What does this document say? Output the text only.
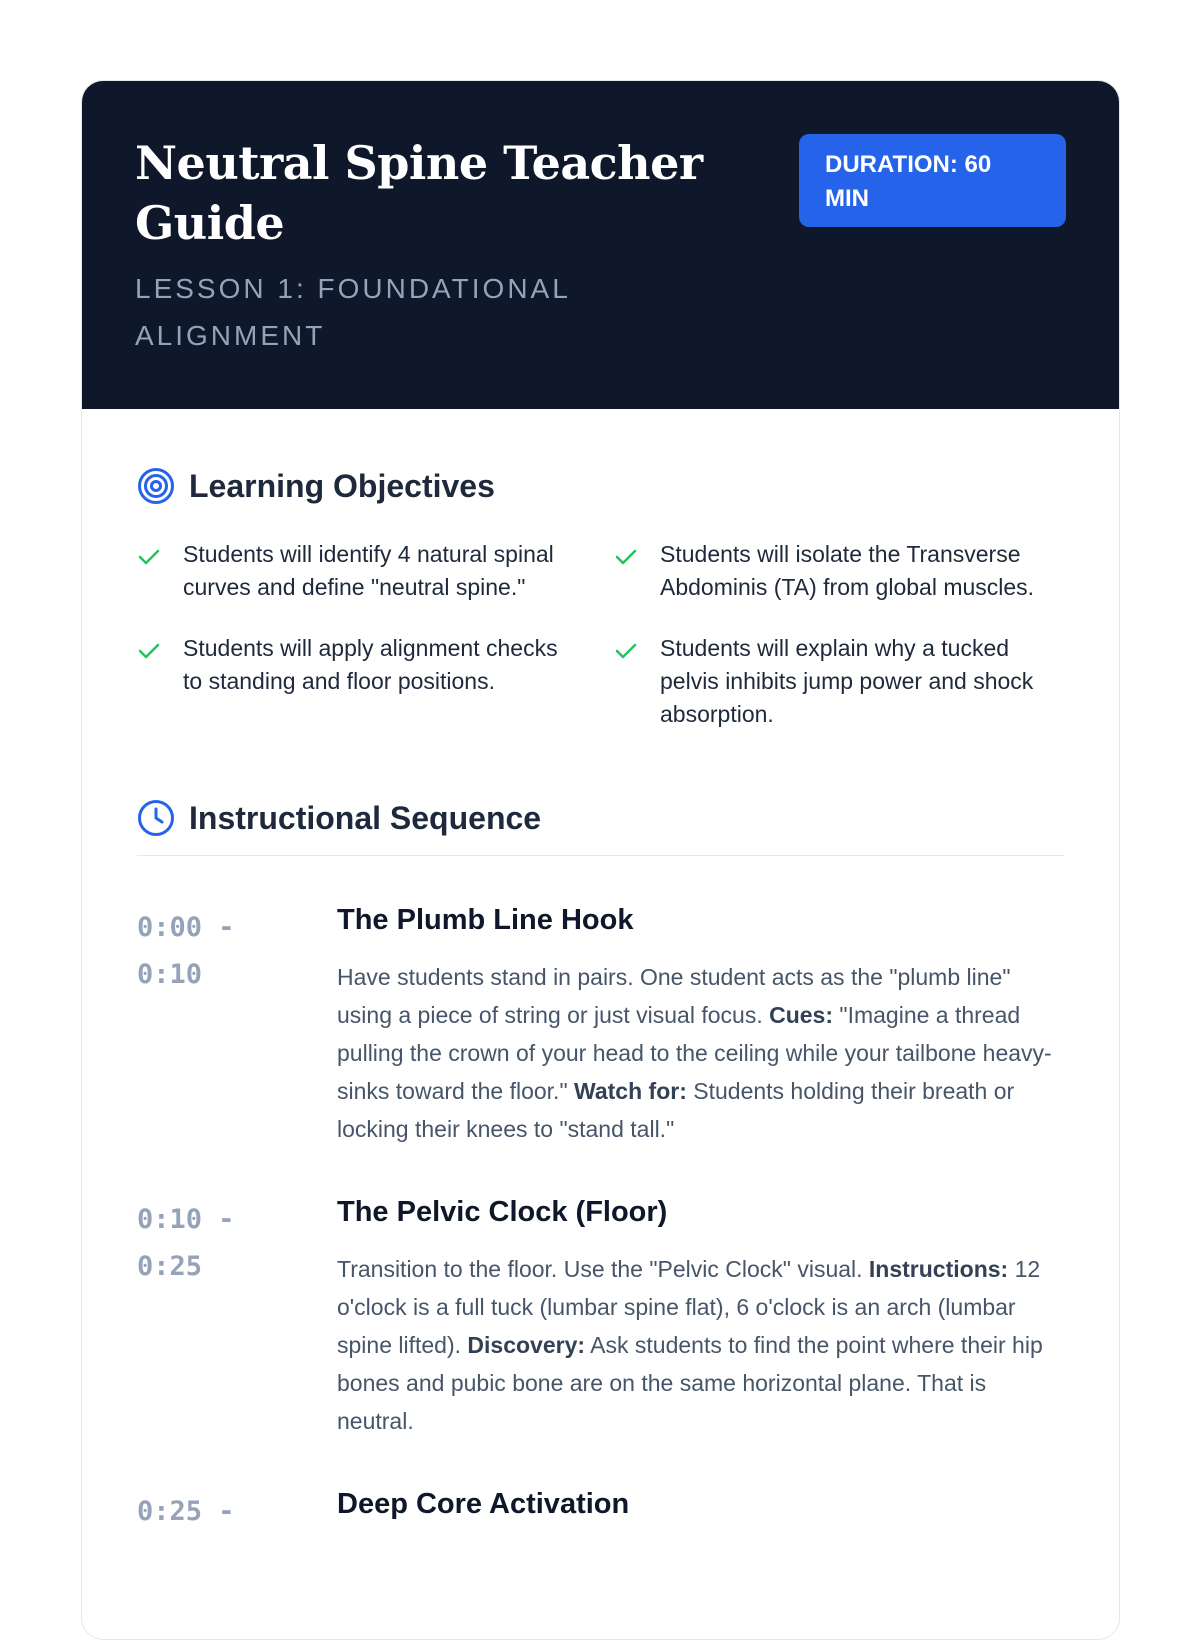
Neutral Spine Teacher Guide
LESSON 1: FOUNDATIONAL ALIGNMENT
DURATION: 60 MIN
Learning Objectives
Students will identify 4 natural spinal curves and define "neutral spine."
Students will isolate the Transverse Abdominis (TA) from global muscles.
Students will apply alignment checks to standing and floor positions.
Students will explain why a tucked pelvis inhibits jump power and shock absorption.
Instructional Sequence
0:00 -
0:10
The Plumb Line Hook

Have students stand in pairs. One student acts as the "plumb line" using a piece of string or just visual focus. Cues: "Imagine a thread pulling the crown of your head to the ceiling while your tailbone heavy-sinks toward the floor." Watch for: Students holding their breath or locking their knees to "stand tall."

0:10 -
0:25
The Pelvic Clock (Floor)

Transition to the floor. Use the "Pelvic Clock" visual. Instructions: 12 o'clock is a full tuck (lumbar spine flat), 6 o'clock is an arch (lumbar spine lifted). Discovery: Ask students to find the point where their hip bones and pubic bone are on the same horizontal plane. That is neutral.

0:25 -	Deep Core Activation
